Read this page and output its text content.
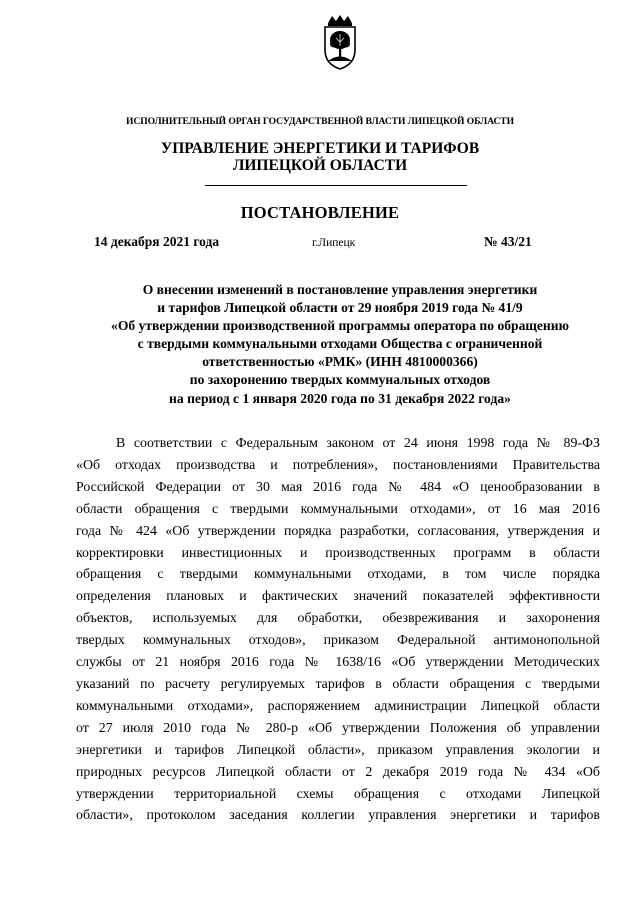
ИСПОЛНИТЕЛЬНЫЙ ОРГАН ГОСУДАРСТВЕННОЙ ВЛАСТИ ЛИПЕЦКОЙ ОБЛАСТИ
УПРАВЛЕНИЕ ЭНЕРГЕТИКИ И ТАРИФОВ
ЛИПЕЦКОЙ ОБЛАСТИ
ПОСТАНОВЛЕНИЕ
14 декабря 2021 года	г.Липецк	№ 43/21
О внесении изменений в постановление управления энергетики
и тарифов Липецкой области от 29 ноября 2019 года № 41/9
«Об утверждении производственной программы оператора по обращению
с твердыми коммунальными отходами Общества с ограниченной
ответственностью «РМК» (ИНН 4810000366)
по захоронению твердых коммунальных отходов
на период с 1 января 2020 года по 31 декабря 2022 года»
В соответствии с Федеральным законом от 24 июня 1998 года № 89-ФЗ
«Об отходах производства и потребления», постановлениями Правительства
Российской Федерации от 30 мая 2016 года № 484 «О ценообразовании в
области обращения с твердыми коммунальными отходами», от 16 мая 2016
года № 424 «Об утверждении порядка разработки, согласования, утверждения и
корректировки инвестиционных и производственных программ в области
обращения с твердыми коммунальными отходами, в том числе порядка
определения плановых и фактических значений показателей эффективности
объектов, используемых для обработки, обезвреживания и захоронения
твердых коммунальных отходов», приказом Федеральной антимонопольной
службы от 21 ноября 2016 года № 1638/16 «Об утверждении Методических
указаний по расчету регулируемых тарифов в области обращения с твердыми
коммунальными отходами», распоряжением администрации Липецкой области
от 27 июля 2010 года № 280-р «Об утверждении Положения об управлении
энергетики и тарифов Липецкой области», приказом управления экологии и
природных ресурсов Липецкой области от 2 декабря 2019 года № 434 «Об
утверждении территориальной схемы обращения с отходами Липецкой
области», протоколом заседания коллегии управления энергетики и тарифов
